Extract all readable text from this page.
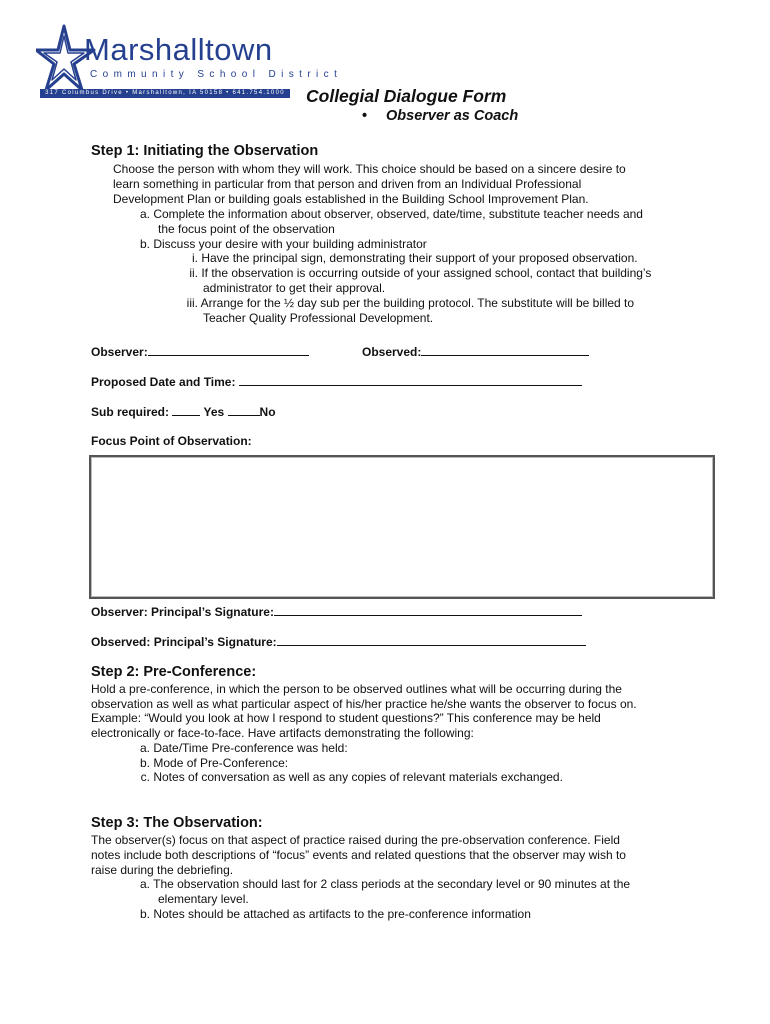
Marshalltown
Community School District
317 Columbus Drive • Marshalltown, IA 50158 • 641.754.1000 Collegial Dialogue Form
• Observer as Coach
Step 1: Initiating the Observation
Choose the person with whom they will work. This choice should be based on a sincere desire to
learn something in particular from that person and driven from an Individual Professional
Development Plan or building goals established in the Building School Improvement Plan.
a. Complete the information about observer, observed, date/time, substitute teacher needs and
the focus point of the observation
b. Discuss your desire with your building administrator
i. Have the principal sign, demonstrating their support of your proposed observation.
ii. If the observation is occurring outside of your assigned school, contact that building’s
administrator to get their approval.
iii. Arrange for the ½ day sub per the building protocol. The substitute will be billed to
Teacher Quality Professional Development.
Observer:	Observed:
Proposed Date and Time:
Sub required:	Yes	No
Focus Point of Observation:
Observer: Principal’s Signature:
Observed: Principal’s Signature:
Step 2: Pre-Conference:
Hold a pre-conference, in which the person to be observed outlines what will be occurring during the
observation as well as what particular aspect of his/her practice he/she wants the observer to focus on.
Example: “Would you look at how I respond to student questions?” This conference may be held
electronically or face-to-face. Have artifacts demonstrating the following:
a. Date/Time Pre-conference was held:
b. Mode of Pre-Conference:
c. Notes of conversation as well as any copies of relevant materials exchanged.
Step 3: The Observation:
The observer(s) focus on that aspect of practice raised during the pre-observation conference. Field
notes include both descriptions of “focus” events and related questions that the observer may wish to
raise during the debriefing.
a. The observation should last for 2 class periods at the secondary level or 90 minutes at the
elementary level.
b. Notes should be attached as artifacts to the pre-conference information
